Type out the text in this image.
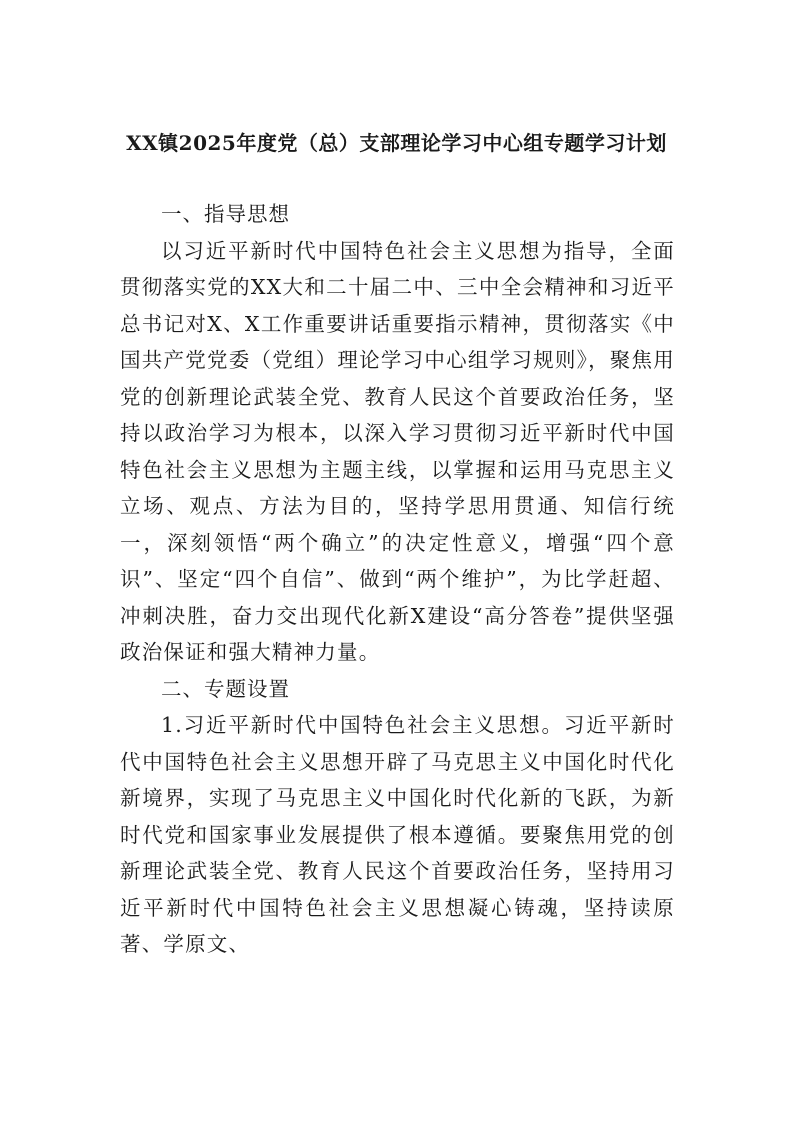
XX镇2025年度党（总）支部理论学习中心组专题学习计划

一、指导思想

以习近平新时代中国特色社会主义思想为指导，全面贯彻落实党的XX大和二十届二中、三中全会精神和习近平总书记对X、X工作重要讲话重要指示精神，贯彻落实《中国共产党党委（党组）理论学习中心组学习规则》，聚焦用党的创新理论武装全党、教育人民这个首要政治任务，坚持以政治学习为根本，以深入学习贯彻习近平新时代中国特色社会主义思想为主题主线，以掌握和运用马克思主义立场、观点、方法为目的，坚持学思用贯通、知信行统一，深刻领悟“两个确立”的决定性意义，增强“四个意识”、坚定“四个自信”、做到“两个维护”，为比学赶超、冲刺决胜，奋力交出现代化新X建设“高分答卷”提供坚强政治保证和强大精神力量。

二、专题设置

1.习近平新时代中国特色社会主义思想。习近平新时代中国特色社会主义思想开辟了马克思主义中国化时代化新境界，实现了马克思主义中国化时代化新的飞跃，为新时代党和国家事业发展提供了根本遵循。要聚焦用党的创新理论武装全党、教育人民这个首要政治任务，坚持用习近平新时代中国特色社会主义思想凝心铸魂，坚持读原著、学原文、
